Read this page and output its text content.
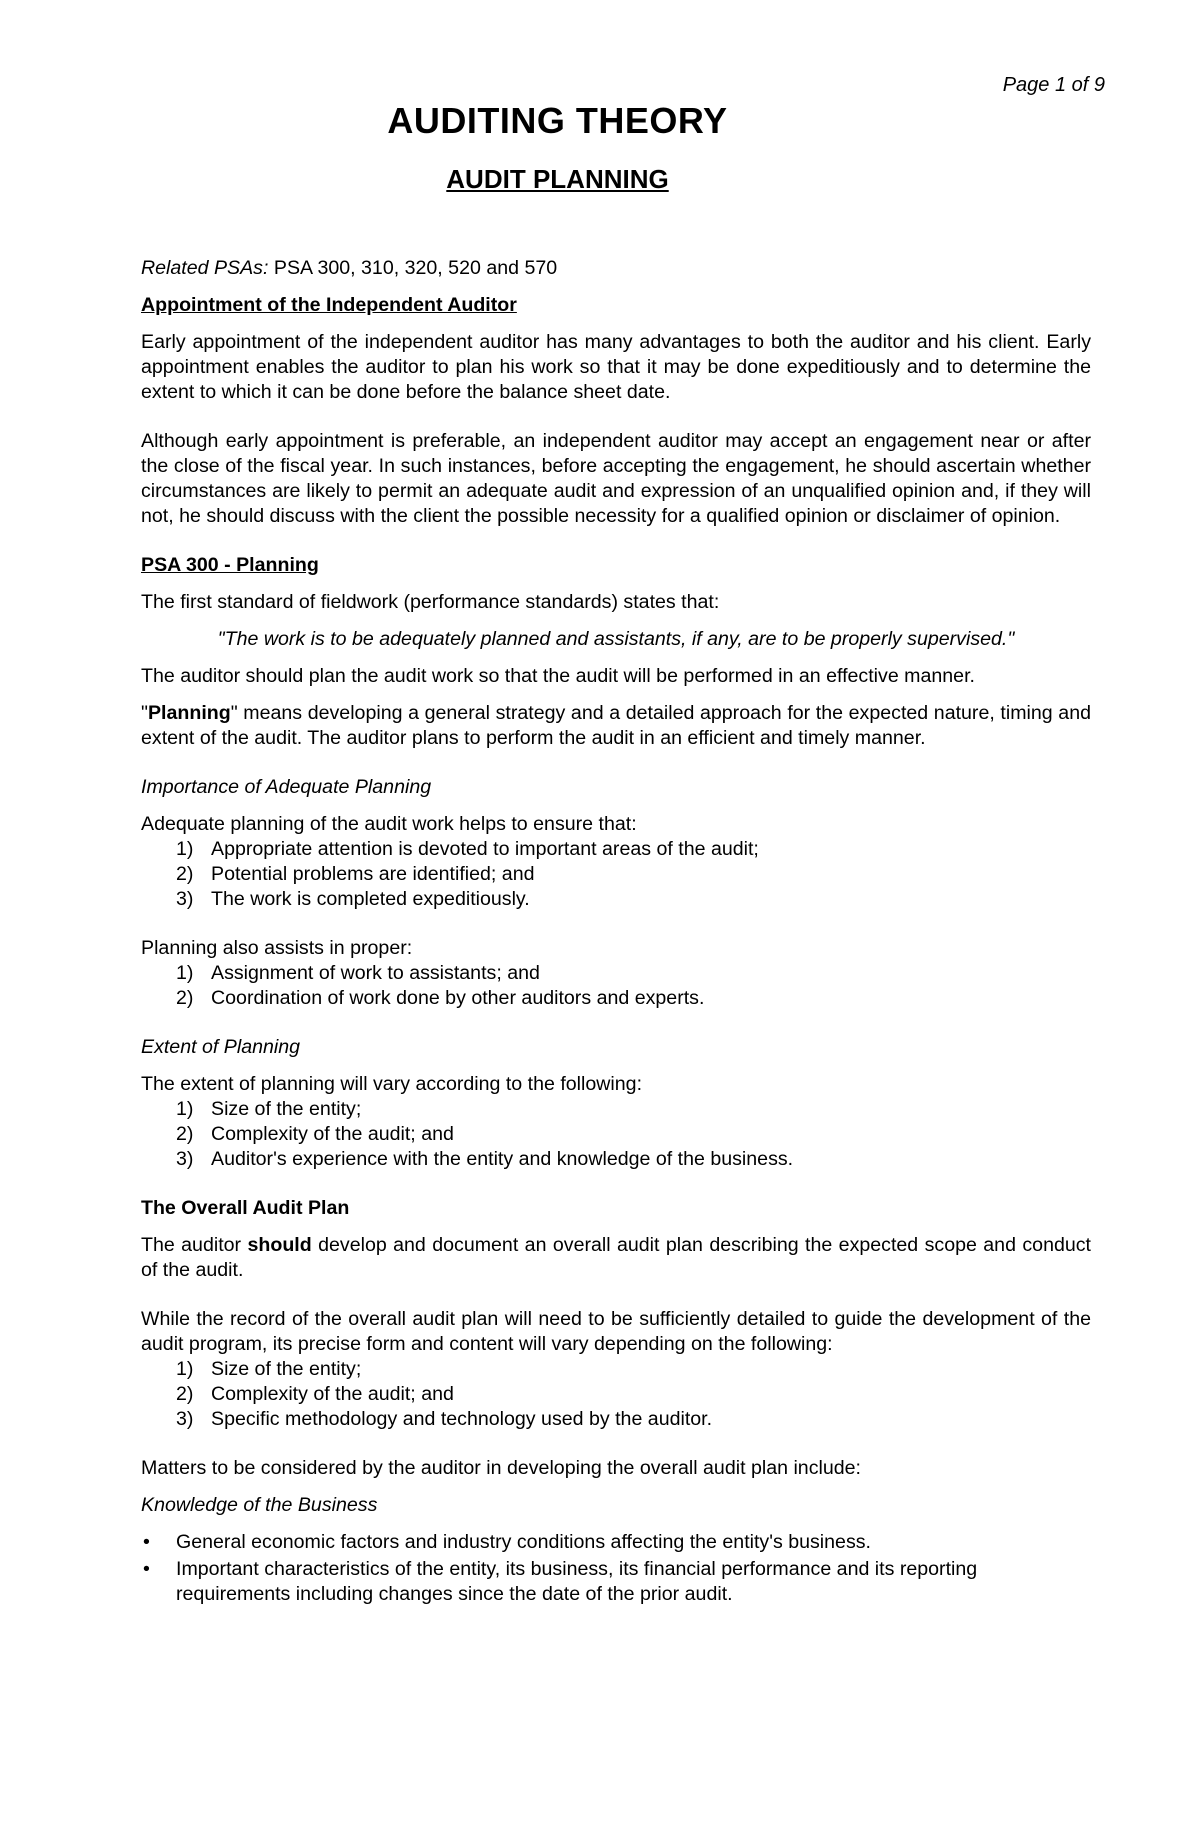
Page 1 of 9
AUDITING THEORY
AUDIT PLANNING

Related PSAs: PSA 300, 310, 320, 520 and 570

Appointment of the Independent Auditor

Early appointment of the independent auditor has many advantages to both the auditor and his client. Early appointment enables the auditor to plan his work so that it may be done expeditiously and to determine the extent to which it can be done before the balance sheet date.

Although early appointment is preferable, an independent auditor may accept an engagement near or after the close of the fiscal year. In such instances, before accepting the engagement, he should ascertain whether circumstances are likely to permit an adequate audit and expression of an unqualified opinion and, if they will not, he should discuss with the client the possible necessity for a qualified opinion or disclaimer of opinion.

PSA 300 - Planning

The first standard of fieldwork (performance standards) states that:

"The work is to be adequately planned and assistants, if any, are to be properly supervised."

The auditor should plan the audit work so that the audit will be performed in an effective manner.

"Planning" means developing a general strategy and a detailed approach for the expected nature, timing and extent of the audit. The auditor plans to perform the audit in an efficient and timely manner.

Importance of Adequate Planning
Adequate planning of the audit work helps to ensure that:
1) Appropriate attention is devoted to important areas of the audit;
2) Potential problems are identified; and
3) The work is completed expeditiously.
Planning also assists in proper:
1) Assignment of work to assistants; and
2) Coordination of work done by other auditors and experts.
Extent of Planning
The extent of planning will vary according to the following:
1) Size of the entity;
2) Complexity of the audit; and
3) Auditor's experience with the entity and knowledge of the business.
The Overall Audit Plan

The auditor should develop and document an overall audit plan describing the expected scope and conduct of the audit.

While the record of the overall audit plan will need to be sufficiently detailed to guide the development of the audit program, its precise form and content will vary depending on the following:
1) Size of the entity;
2) Complexity of the audit; and
3) Specific methodology and technology used by the auditor.

Matters to be considered by the auditor in developing the overall audit plan include:

Knowledge of the Business
• General economic factors and industry conditions affecting the entity's business.
• Important characteristics of the entity, its business, its financial performance and its reporting requirements including changes since the date of the prior audit.
